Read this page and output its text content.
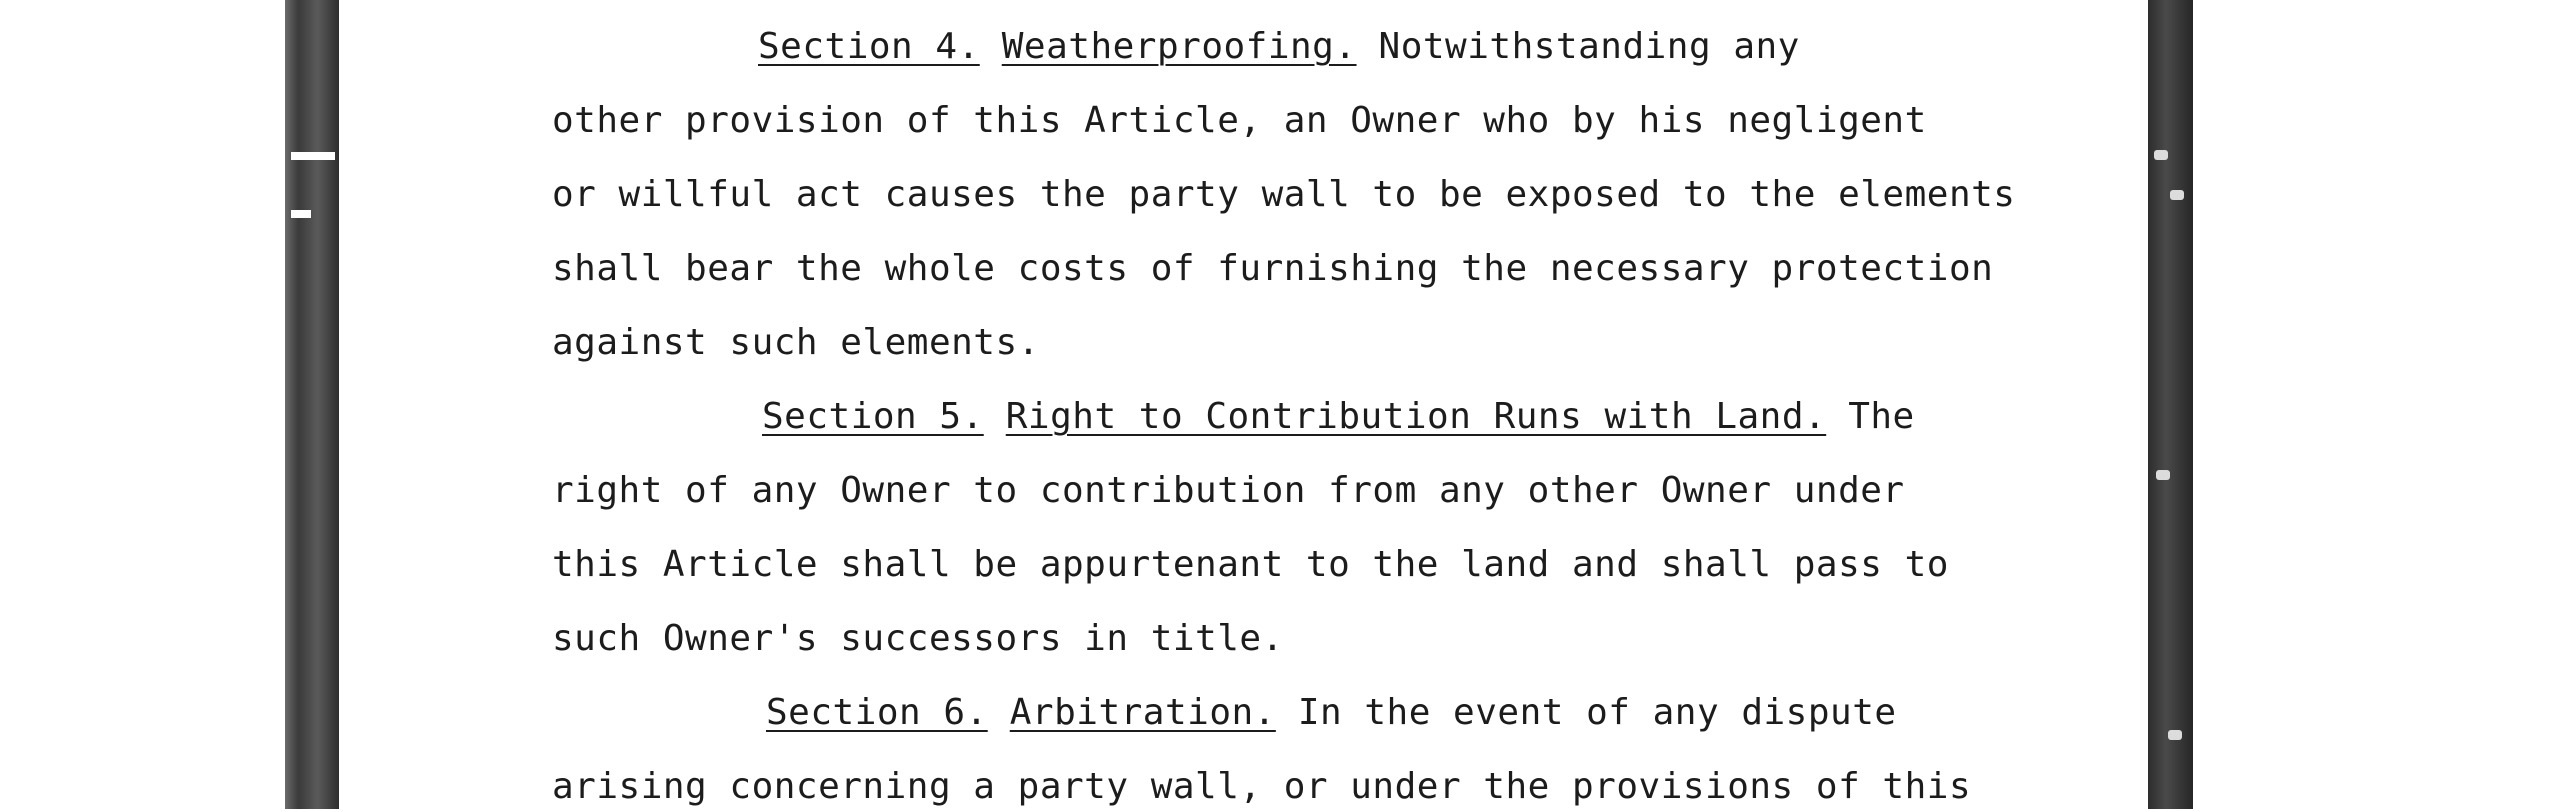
Section 4. Weatherproofing. Notwithstanding any
other provision of this Article, an Owner who by his negligent
or willful act causes the party wall to be exposed to the elements
shall bear the whole costs of furnishing the necessary protection
against such elements.
Section 5. Right to Contribution Runs with Land. The
right of any Owner to contribution from any other Owner under
this Article shall be appurtenant to the land and shall pass to
such Owner's successors in title.
Section 6. Arbitration. In the event of any dispute
arising concerning a party wall, or under the provisions of this
